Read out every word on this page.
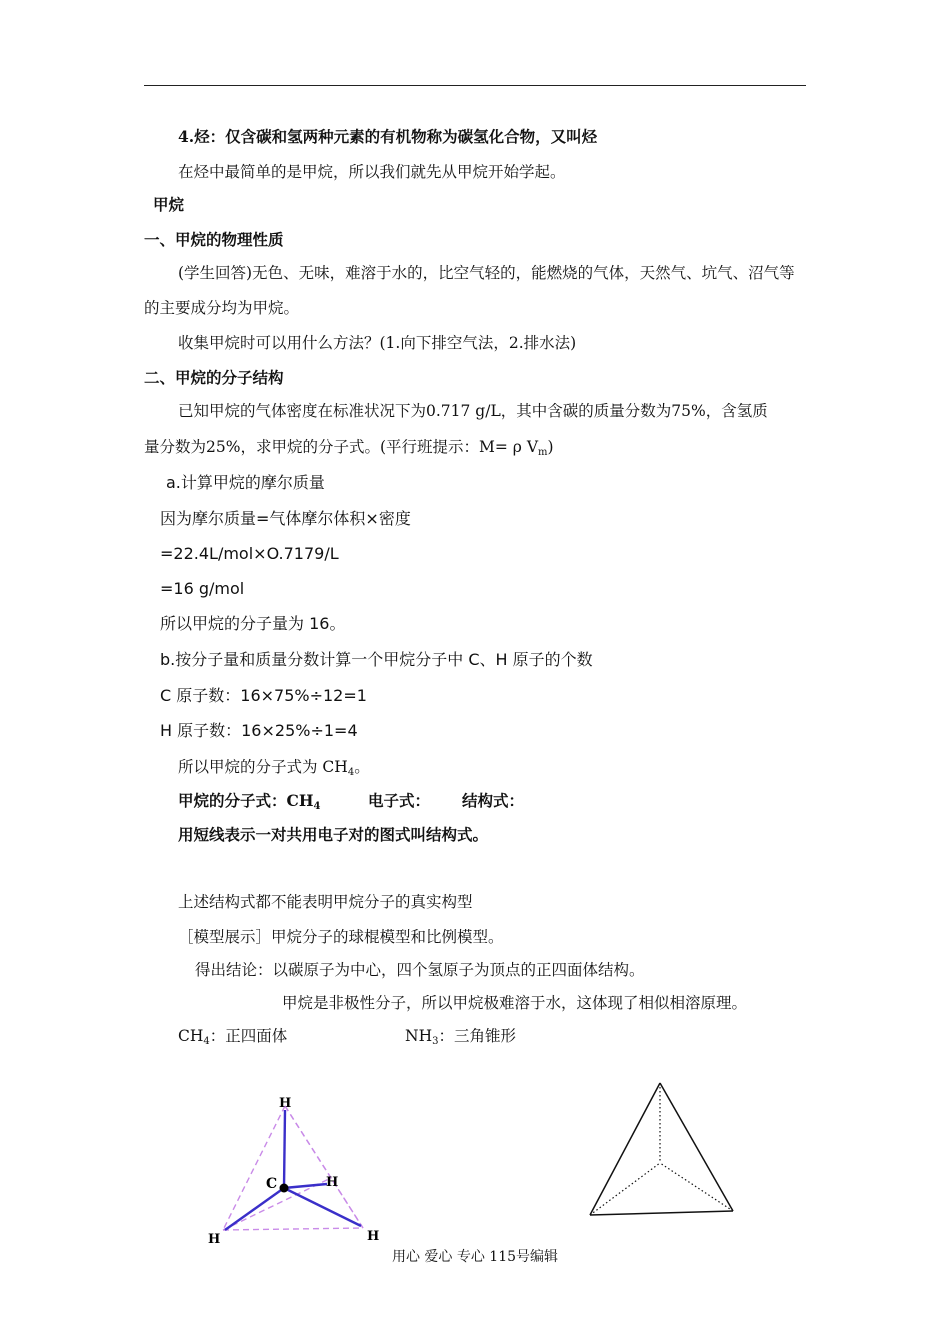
4.烃：仅含碳和氢两种元素的有机物称为碳氢化合物，又叫烃
在烃中最简单的是甲烷，所以我们就先从甲烷开始学起。
甲烷
一、甲烷的物理性质
(学生回答)无色、无味，难溶于水的，比空气轻的，能燃烧的气体，天然气、坑气、沼气等
的主要成分均为甲烷。
收集甲烷时可以用什么方法？(1.向下排空气法，2.排水法)
二、甲烷的分子结构
已知甲烷的气体密度在标准状况下为0.717 g/L，其中含碳的质量分数为75%，含氢质
量分数为25%，求甲烷的分子式。(平行班提示：M= ρ $V_m$)
a.计算甲烷的摩尔质量
因为摩尔质量=气体摩尔体积×密度
=22.4L/mol×O.7179/L
=16 g/mol
所以甲烷的分子量为 16。
b.按分子量和质量分数计算一个甲烷分子中 C、H 原子的个数
C 原子数：16×75%÷12=1
H 原子数：16×25%÷1=4
所以甲烷的分子式为 $CH_4$。
甲烷的分子式：$CH_4$	电子式： 结构式：
用短线表示一对共用电子对的图式叫结构式。
上述结构式都不能表明甲烷分子的真实构型
［模型展示］甲烷分子的球棍模型和比例模型。
得出结论：以碳原子为中心，四个氢原子为顶点的正四面体结构。
甲烷是非极性分子，所以甲烷极难溶于水，这体现了相似相溶原理。
$CH_4$：正四面体	$NH_3$：三角锥形
H
C	H
H	H
用心 爱心 专心 115号编辑
